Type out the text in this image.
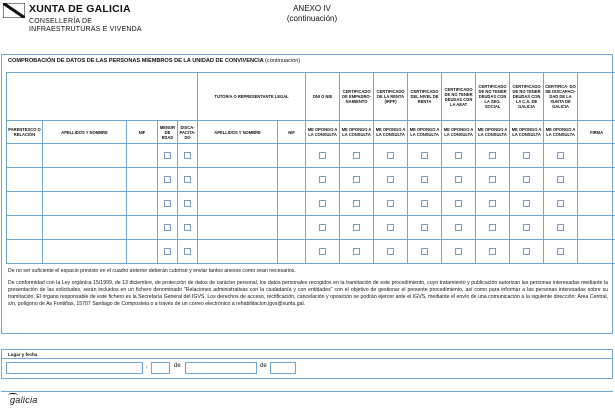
XUNTA DE GALICIA
CONSELLERÍA DE
INFRAESTRUTURAS E VIVENDA
ANEXO IV
(continuación)
COMPROBACIÓN DE DATOS DE LAS PERSONAS MIEMBROS DE LA UNIDAD DE CONVIVENCIA (continuación)
					TUTOR/A O REPRESENTANTE LEGAL		DNI O NIE	CERTIFICADO DE EMPADRO- NAMIENTO	CERTIFICADO DE LA RENTA (IRPF)	CERTIFICADO DEL NIVEL DE RENTA	CERTIFICADO DE NO TENER DEUDAS CON LA AEAT	CERTIFICADO DE NO TENER DEUDAS CON LA SEG. SOCIAL	CERTIFICADO DE NO TENER DEUDAS CON LA C.A. DE GALICIA	CERTIFICA- DO DE DISCAPACI- DAD DE LA XUNTA DE GALICIA	
PARENTESCO O RELACIÓN	APELLIDOS Y NOMBRE	NIF	MENOR DE EDAD	DISCA- PACITA- DO	APELLIDOS Y NOMBRE	NIF	ME OPONGO A LA CONSULTA	ME OPONGO A LA CONSULTA	ME OPONGO A LA CONSULTA	ME OPONGO A LA CONSULTA	ME OPONGO A LA CONSULTA	ME OPONGO A LA CONSULTA	ME OPONGO A LA CONSULTA	ME OPONGO A LA CONSULTA	FIRMA

De no ser suficiente el espacio previsto en el cuadro anterior deberán cubrirse y enviar tantos anexos como sean necesarios.
De conformidad con la Ley orgánica 15/1999, de 13 diciembre, de protección de datos de carácter personal, los datos personales recogidos en la tramitación de este procedimiento, cuyo tratamiento y publicación autorizan las personas interesadas mediante la presentación de las solicitudes, serán incluidos en un fichero denominado "Relaciones administrativas con la ciudadanía y con entidades" con el objetivo de gestionar el presente procedimiento, así como para informar a las personas interesadas sobre su tramitación. El órgano responsable de este fichero es la Secretaría General del IGVS. Los derechos de acceso, rectificación, cancelación y oposición se podrán ejercer ante el IGVS, mediante el envío de una comunicación a la siguiente dirección: Área Central, s/n, polígono de As Fontiñas, 15707 Santiago de Compostela o a través de un correo electrónico a rehabilitacion.igvs@xunta.gal.
Lugar y fecha
,	de	de
galicia
